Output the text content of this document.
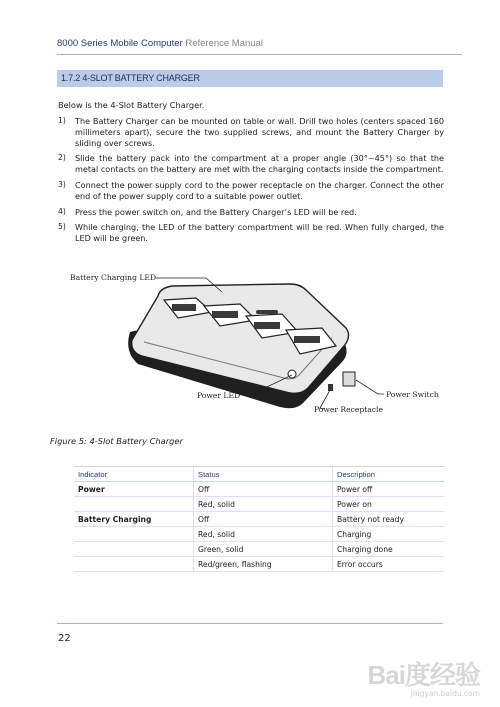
8000 Series Mobile Computer Reference Manual
1.7.2 4-SLOT BATTERY CHARGER
Below is the 4-Slot Battery Charger.
1) The Battery Charger can be mounted on table or wall. Drill two holes (centers spaced 160 millimeters apart), secure the two supplied screws, and mount the Battery Charger by sliding over screws.
2) Slide the battery pack into the compartment at a proper angle (30°~45°) so that the metal contacts on the battery are met with the charging contacts inside the compartment.
3) Connect the power supply cord to the power receptacle on the charger. Connect the other end of the power supply cord to a suitable power outlet.
4) Press the power switch on, and the Battery Charger’s LED will be red.
5) While charging, the LED of the battery compartment will be red. When fully charged, the LED will be green.
Battery Charging LED
Power LED	Power Switch
Power Receptacle
Figure 5: 4-Slot Battery Charger
Indicator	Status	Description
Power	Off	Power off
	Red, solid	Power on
Battery Charging	Off	Battery not ready
	Red, solid	Charging
	Green, solid	Charging done
	Red/green, flashing	Error occurs
22
Bai度经验
jingyan.baidu.com
